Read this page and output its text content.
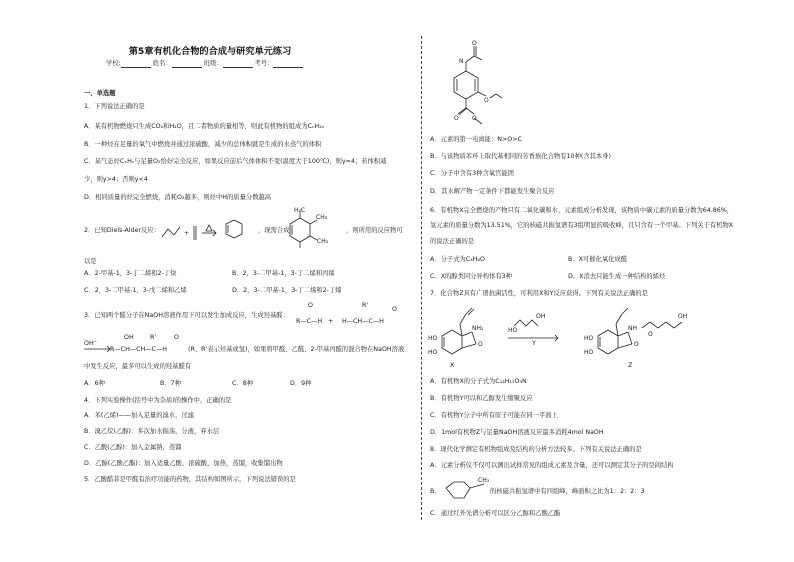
第5章有机化合物的合成与研究单元练习
学校:	姓名：	班级：	考号：
一、单选题
1．下列说法正确的是
A．某有机物燃烧只生成CO₂和H₂O，且二者物质的量相等，则此有机物的组成为CₙH₂ₙ
B．一种烃在足量的氧气中燃烧并通过浓硫酸，减少的总体积就是生成的水蒸气的体积
C．某气态烃CₓHᵧ与足量O₂恰好完全反应，如果反应前后气体体积不变(温度大于100℃)，则y=4；若体积减
少，则y>4；否则y<4
D．相同质量的烃完全燃烧，消耗O₂越多，则烃中H的质量分数越高
2．已知Diels-Alder反应：	+	，现需合成
H₃C
CH₃
CH₃
，则所用的反应物可
以是
A．2-甲基-1，3-丁二烯和2-丁炔	B．2，3-二甲基-1，3-丁二烯和丙烯
C．2，3-二甲基-1，3-戊二烯和乙烯	D．2，3-二甲基-1，3-丁二烯和2-丁烯
3．已知两个醛分子在NaOH溶液作用下可以发生加成反应，生成羟基醛：
O
R—C—H +
R'
O
H—CH—C—H
OH⁻
OH	R'	O
R—CH—CH—C—H	(R、R'表示烃基或氢)，如果将甲醛、乙醛、2-甲基丙醛的混合物在NaOH溶液
中发生反应，最多可以生成的羟基醛有
A．6种	B．7种	C．8种	D．9种
4．下列实验操作(括号中为杂质)的操作中，正确的是
A．苯(乙烯)——加入足量的溴水，过滤
B．溴乙烷(乙醇)：多次加水振荡，分液，弃水层
C．乙酸(乙醇)：加入金属钠，蒸馏
D．乙醇(乙酸乙酯)：加入适量乙酸、浓硫酸，加热，蒸馏，收集馏出物
5．乙酸酷菲是甲醛有治疗功能的药物，其结构如图所示，下列说法错误的是
N
O
O
O O
A．元素的第一电离能：N>O>C
B．与该物质苯环上取代基相同的芳香族化合物有10种(含其本身)
C．分子中含有3种含氧官能团
D．其水解产物一定条件下都能发生聚合反应
6．有机物X完全燃烧的产物只有二氧化碳和水，元素组成分析发现，该物质中碳元素的质量分数为64.86%，
氢元素的质量分数为13.51%，它的核磁共振氢谱有3组明显的吸收峰，且只含有一个甲基。下列关于有机物X
的说法正确的是
A．分子式为C₄H₈O	B．X可催化氧化成醛
C．X的醇类同分异构体有3种	D．X消去只能生成一种结构的烯烃
7．化合物Z具有广谱抗菌活性，可利用X和Y反应获得。下列有关说法正确的是
NH₂
O
HO
HO
HO
OH
NH
O
OH
O
HO
HO
X
Y
Z
A．有机物X的分子式为C₁₂H₁₅O₃N
B．有机物Y可以和乙醇发生缩聚反应
C．有机物Y分子中所有原子可能在同一平面上
D．1mol有机物Z与足量NaOH溶液反应最多消耗4mol NaOH
8．现代化学测定有机物组成及结构的分析方法较多。下列有关说法正确的是
A．元素分析仪不仅可以测出试样常见的组成元素及含量，还可以测定其分子的空间结构
B．
CH₃
的核磁共振氢谱中有四组峰，峰面积之比为1：2：2：3
C．通过红外光谱分析可以区分乙醇和乙酸乙酯
